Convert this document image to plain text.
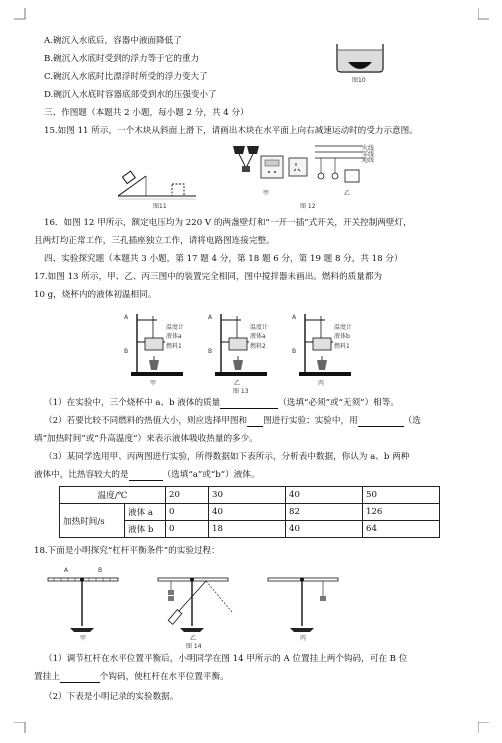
A.碗沉入水底后，容器中液面降低了
B.碗沉入水底时受到的浮力等于它的重力
C.碗沉入水底时比漂浮时所受的浮力变大了
D.碗沉入水底时容器底部受到水的压强变小了
图10
三、作图题（本题共 2 小题，每小题 2 分，共 4 分）
15.如图 11 所示，一个木块从斜面上滑下，请画出木块在水平面上向右减速运动时的受力示意图。
图11
火线
零线
地线
甲	乙
图 12
16．如图 12 甲所示，额定电压均为 220 V 的两盏壁灯和“一开一插”式开关，开关控制两壁灯，
且两灯均正常工作，三孔插座独立工作，请将电路图连接完整。
四、实验探究题（本题共 3 小题，第 17 题 4 分，第 18 题 6 分，第 19 题 8 分，共 18 分）
17.如图 13 所示，甲、乙、丙三图中的装置完全相同，图中搅拌器未画出。燃料的质量都为
10 g，烧杯内的液体初温相同。
A
B
温度计
液体a
燃料1
甲
A
B
温度计
液体a
燃料2
乙
A
B
温度计
液体b
燃料1
丙
图 13
（1）在实验中，三个烧杯中 a、b 液体的质量	（选填“必须”或“无须”）相等。
（2）若要比较不同燃料的热值大小，则应选择甲图和 图进行实验；实验中，用	（选
填“加热时间”或“升高温度”）来表示液体吸收热量的多少。
（3）某同学选用甲、丙两图进行实验，所得数据如下表所示，分析表中数据，你认为 a、b 两种
液体中，比热容较大的是	（选填“a”或“b”）液体。
温度/℃		20	30	40	50
加热时间/s	液体 a	0	40	82	126
	液体 b	0	18	40	64
18.下面是小明探究“杠杆平衡条件”的实验过程：
A	B
甲	乙	丙
图 14
（1）调节杠杆在水平位置平衡后，小明同学在图 14 甲所示的 A 位置挂上两个钩码，可在 B 位
置挂上	个钩码，使杠杆在水平位置平衡。
（2）下表是小明记录的实验数据。
